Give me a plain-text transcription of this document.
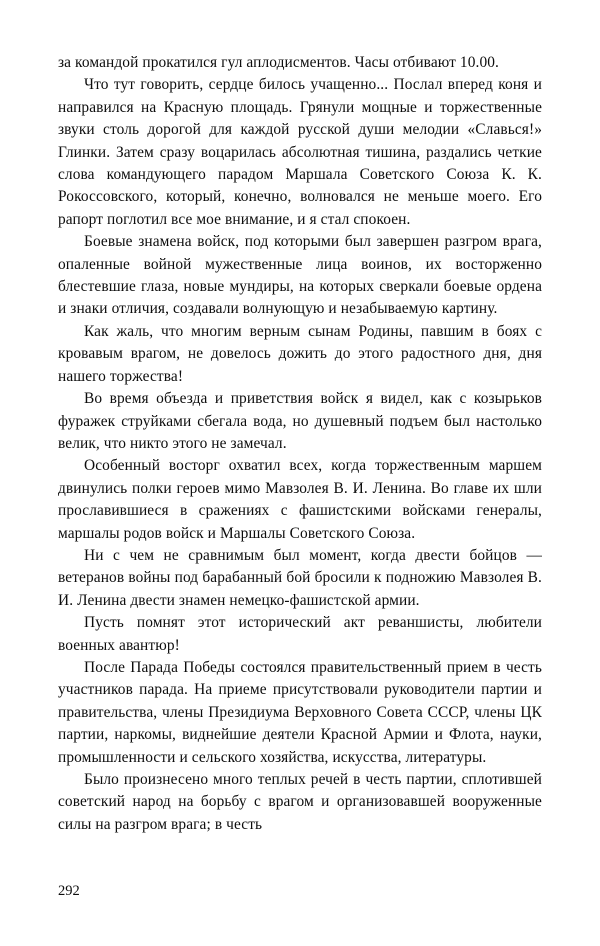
за командой прокатился гул аплодисментов. Часы отбивают 10.00.

Что тут говорить, сердце билось учащенно... Послал вперед коня и направился на Красную площадь. Грянули мощные и торжественные звуки столь дорогой для каждой русской души мелодии «Славься!» Глинки. Затем сразу воцарилась абсолютная тишина, раздались четкие слова командующего парадом Маршала Советского Союза К. К. Рокоссовского, который, конечно, волновался не меньше моего. Его рапорт поглотил все мое внимание, и я стал спокоен.

Боевые знамена войск, под которыми был завершен разгром врага, опаленные войной мужественные лица воинов, их восторженно блестевшие глаза, новые мундиры, на которых сверкали боевые ордена и знаки отличия, создавали волнующую и незабываемую картину.

Как жаль, что многим верным сынам Родины, павшим в боях с кровавым врагом, не довелось дожить до этого радостного дня, дня нашего торжества!

Во время объезда и приветствия войск я видел, как с козырьков фуражек струйками сбегала вода, но душевный подъем был настолько велик, что никто этого не замечал.

Особенный восторг охватил всех, когда торжественным маршем двинулись полки героев мимо Мавзолея В. И. Ленина. Во главе их шли прославившиеся в сражениях с фашистскими войсками генералы, маршалы родов войск и Маршалы Советского Союза.

Ни с чем не сравнимым был момент, когда двести бойцов — ветеранов войны под барабанный бой бросили к подножию Мавзолея В. И. Ленина двести знамен немецко-фашистской армии.

Пусть помнят этот исторический акт реваншисты, любители военных авантюр!

После Парада Победы состоялся правительственный прием в честь участников парада. На приеме присутствовали руководители партии и правительства, члены Президиума Верховного Совета СССР, члены ЦК партии, наркомы, виднейшие деятели Красной Армии и Флота, науки, промышленности и сельского хозяйства, искусства, литературы.

Было произнесено много теплых речей в честь партии, сплотившей советский народ на борьбу с врагом и организовавшей вооруженные силы на разгром врага; в честь

292
